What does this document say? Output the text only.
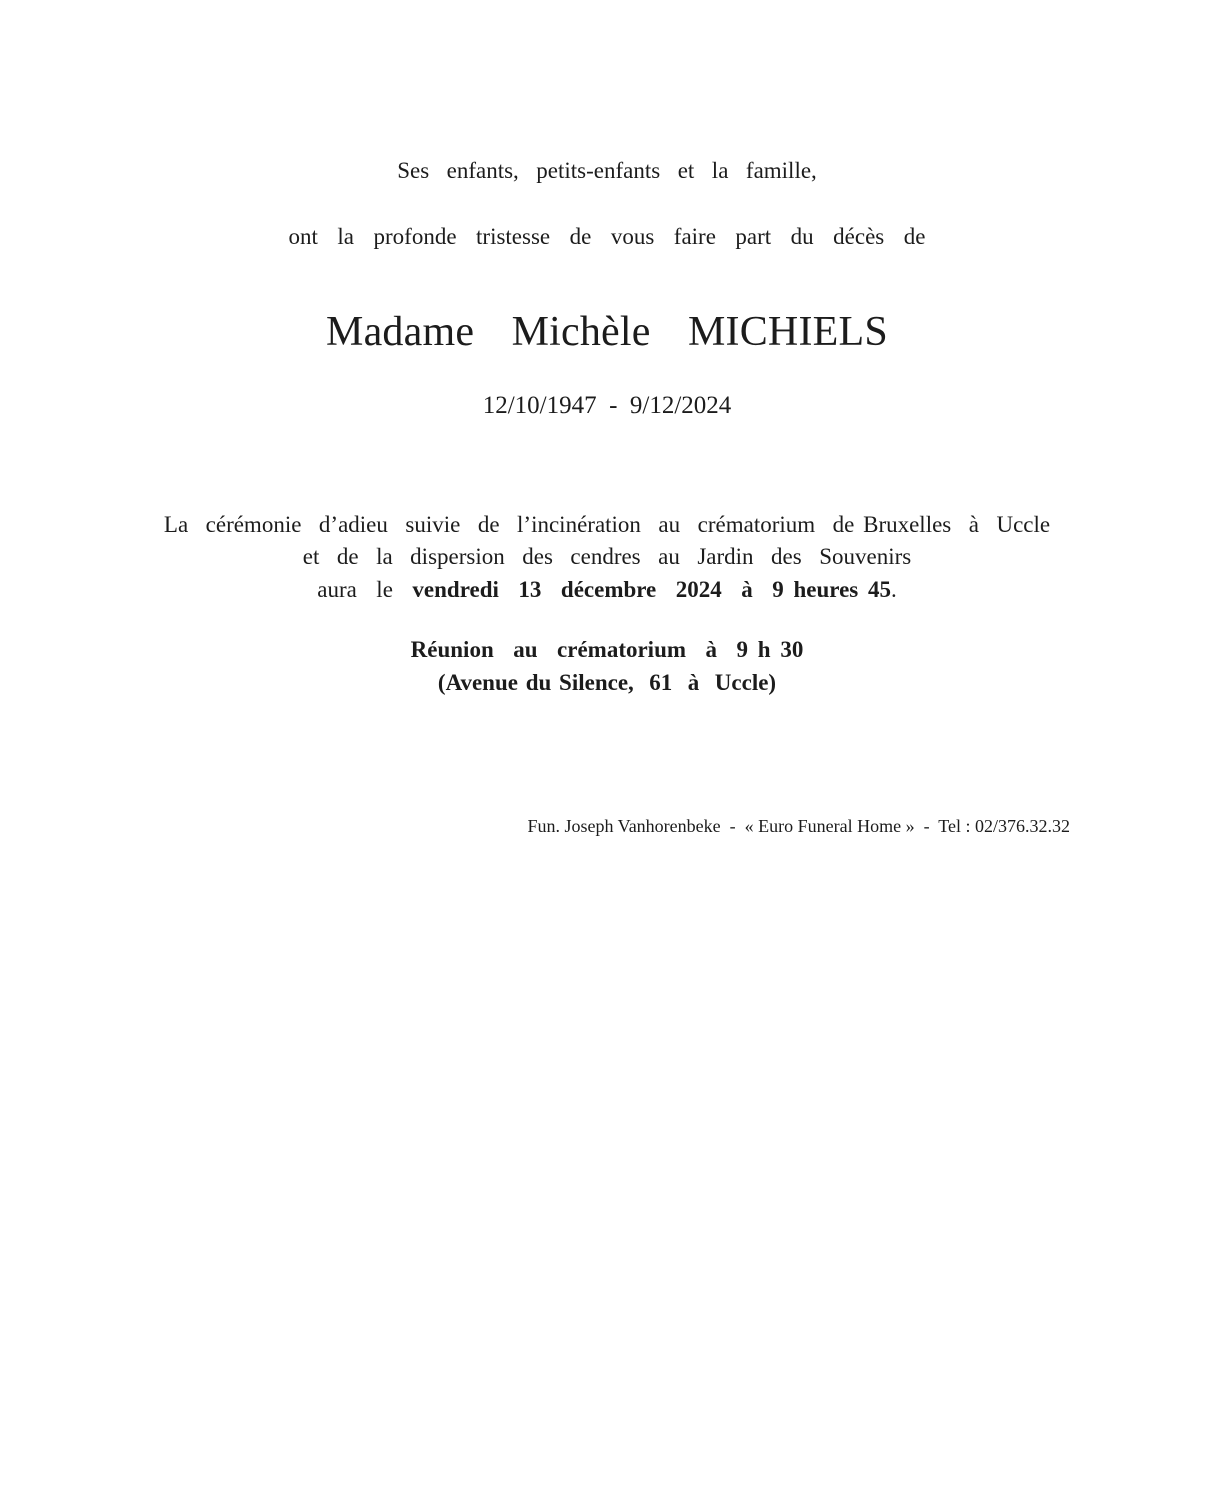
Ses  enfants,  petits-enfants  et  la  famille,

ont  la  profonde  tristesse  de  vous  faire  part  du  décès  de

Madame  Michèle  MICHIELS

12/10/1947  -  9/12/2024

La  cérémonie  d’adieu  suivie  de  l’incinération  au  crématorium  de Bruxelles  à  Uccle

et  de  la  dispersion  des  cendres  au  Jardin  des  Souvenirs

aura  le  vendredi  13  décembre  2024  à  9 heures 45.

Réunion  au  crématorium  à  9 h 30

(Avenue du Silence,  61  à  Uccle)

Fun. Joseph Vanhorenbeke  -  « Euro Funeral Home »  -  Tel : 02/376.32.32
